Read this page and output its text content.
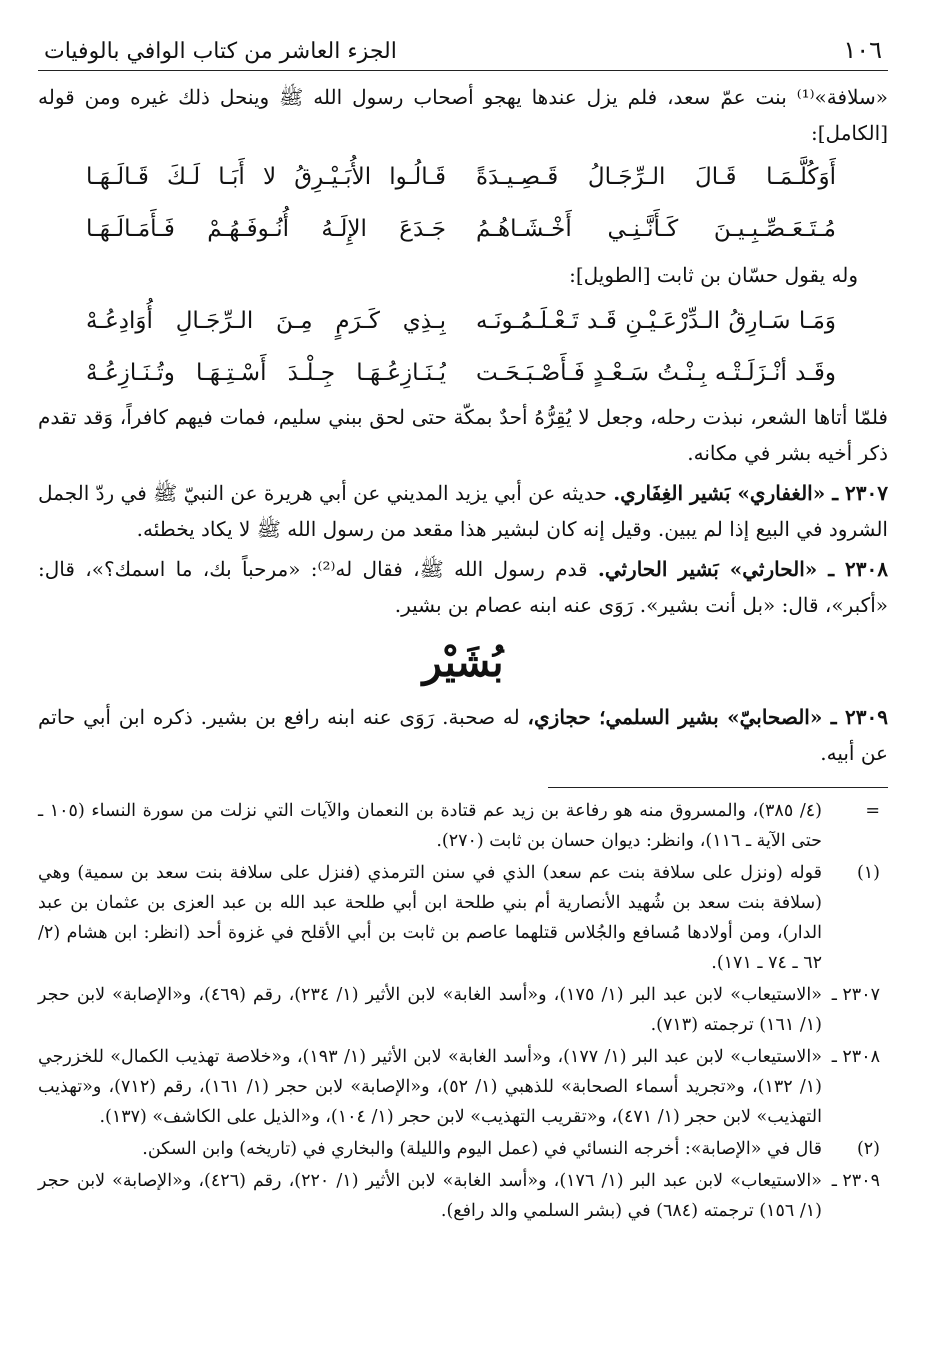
١٠٦
الجزء العاشر من كتاب الوافي بالوفيات

«سلافة»⁽¹⁾ بنت عمّ سعد، فلم يزل عندها يهجو أصحاب رسول الله ﷺ وينحل ذلك غيره ومن قوله [الكامل]:

أَوَكُلَّـمَـا قَـالَ الـرِّجَـالُ قَـصِـيـدَةً
قَـالُـوا الأُبَـيْـرِقُ لا أَبَـا لَـكَ قَـالَـهَـا
مُـتَـعَـصِّـبِـيـنَ كَـأَنَّـنِـي أَخْـشَـاهُـمُ
جَـدَعَ الإِلَـهُ أُنُـوفَـهُـمْ فَـأَمَـالَـهَـا

وله يقول حسّان بن ثابت [الطويل]:

وَمَـا سَـارِقُ الـدِّرْعَـيْـنِ قَـد تَـعْـلَـمُـونَـه
بِـذِي كَـرَمٍ مِـنَ الـرِّجَـالِ أُوَادِعُـهْ
وقَـد أنْـزَلَـتْـه بِـنْـتُ سَـعْـدٍ فَـأَصْـبَـحَـت
يُـنَـازِعُـهَـا جِـلْـدَ أَسْـتِـهَـا وتُـنَـازِعُـهْ

فلمّا أتاها الشعر، نبذت رحله، وجعل لا يُقِرُّهُ أحدٌ بمكّة حتى لحق ببني سليم، فمات فيهم كافراً، وَقد تقدم ذكر أخيه بشر في مكانه.

٢٣٠٧ ـ «الغفاري» بَشير الغِفَاري. حديثه عن أبي يزيد المديني عن أبي هريرة عن النبيّ ﷺ في ردّ الجمل الشرود في البيع إذا لم يبين. وقيل إنه كان لبشير هذا مقعد من رسول الله ﷺ لا يكاد يخطئه.

٢٣٠٨ ـ «الحارثي» بَشير الحارثي. قدم رسول الله ﷺ، فقال له⁽²⁾: «مرحباً بك، ما اسمك؟»، قال: «أكبر»، قال: «بل أنت بشير». رَوَى عنه ابنه عصام بن بشير.

بُشَيْر

٢٣٠٩ ـ «الصحابيّ» بشير السلمي؛ حجازي، له صحبة. رَوَى عنه ابنه رافع بن بشير. ذكره ابن أبي حاتم عن أبيه.

=
(٤/ ٣٨٥)، والمسروق منه هو رفاعة بن زيد عم قتادة بن النعمان والآيات التي نزلت من سورة النساء (١٠٥ ـ حتى الآية ـ ١١٦)، وانظر: ديوان حسان بن ثابت (٢٧٠).
(١)
قوله (ونزل على سلافة بنت عم سعد) الذي في سنن الترمذي (فنزل على سلافة بنت سعد بن سمية) وهي (سلافة بنت سعد بن شُهيد الأنصارية أم بني طلحة ابن أبي طلحة عبد الله بن عبد العزى بن عثمان بن عبد الدار)، ومن أولادها مُسافع والجُلاس قتلهما عاصم بن ثابت بن أبي الأقلح في غزوة أحد (انظر: ابن هشام (٢/ ٦٢ ـ ٧٤ ـ ١٧١).
٢٣٠٧ ـ
«الاستيعاب» لابن عبد البر (١/ ١٧٥)، و«أسد الغابة» لابن الأثير (١/ ٢٣٤)، رقم (٤٦٩)، و«الإصابة» لابن حجر (١/ ١٦١) ترجمته (٧١٣).
٢٣٠٨ ـ
«الاستيعاب» لابن عبد البر (١/ ١٧٧)، و«أسد الغابة» لابن الأثير (١/ ١٩٣)، و«خلاصة تهذيب الكمال» للخزرجي (١/ ١٣٢)، و«تجريد أسماء الصحابة» للذهبي (١/ ٥٢)، و«الإصابة» لابن حجر (١/ ١٦١)، رقم (٧١٢)، و«تهذيب التهذيب» لابن حجر (١/ ٤٧١)، و«تقريب التهذيب» لابن حجر (١/ ١٠٤)، و«الذيل على الكاشف» (١٣٧).
(٢)
قال في «الإصابة»: أخرجه النسائي في (عمل اليوم والليلة) والبخاري في (تاريخه) وابن السكن.
٢٣٠٩ ـ
«الاستيعاب» لابن عبد البر (١/ ١٧٦)، و«أسد الغابة» لابن الأثير (١/ ٢٢٠)، رقم (٤٢٦)، و«الإصابة» لابن حجر (١/ ١٥٦) ترجمته (٦٨٤) في (بشر السلمي والد رافع).
